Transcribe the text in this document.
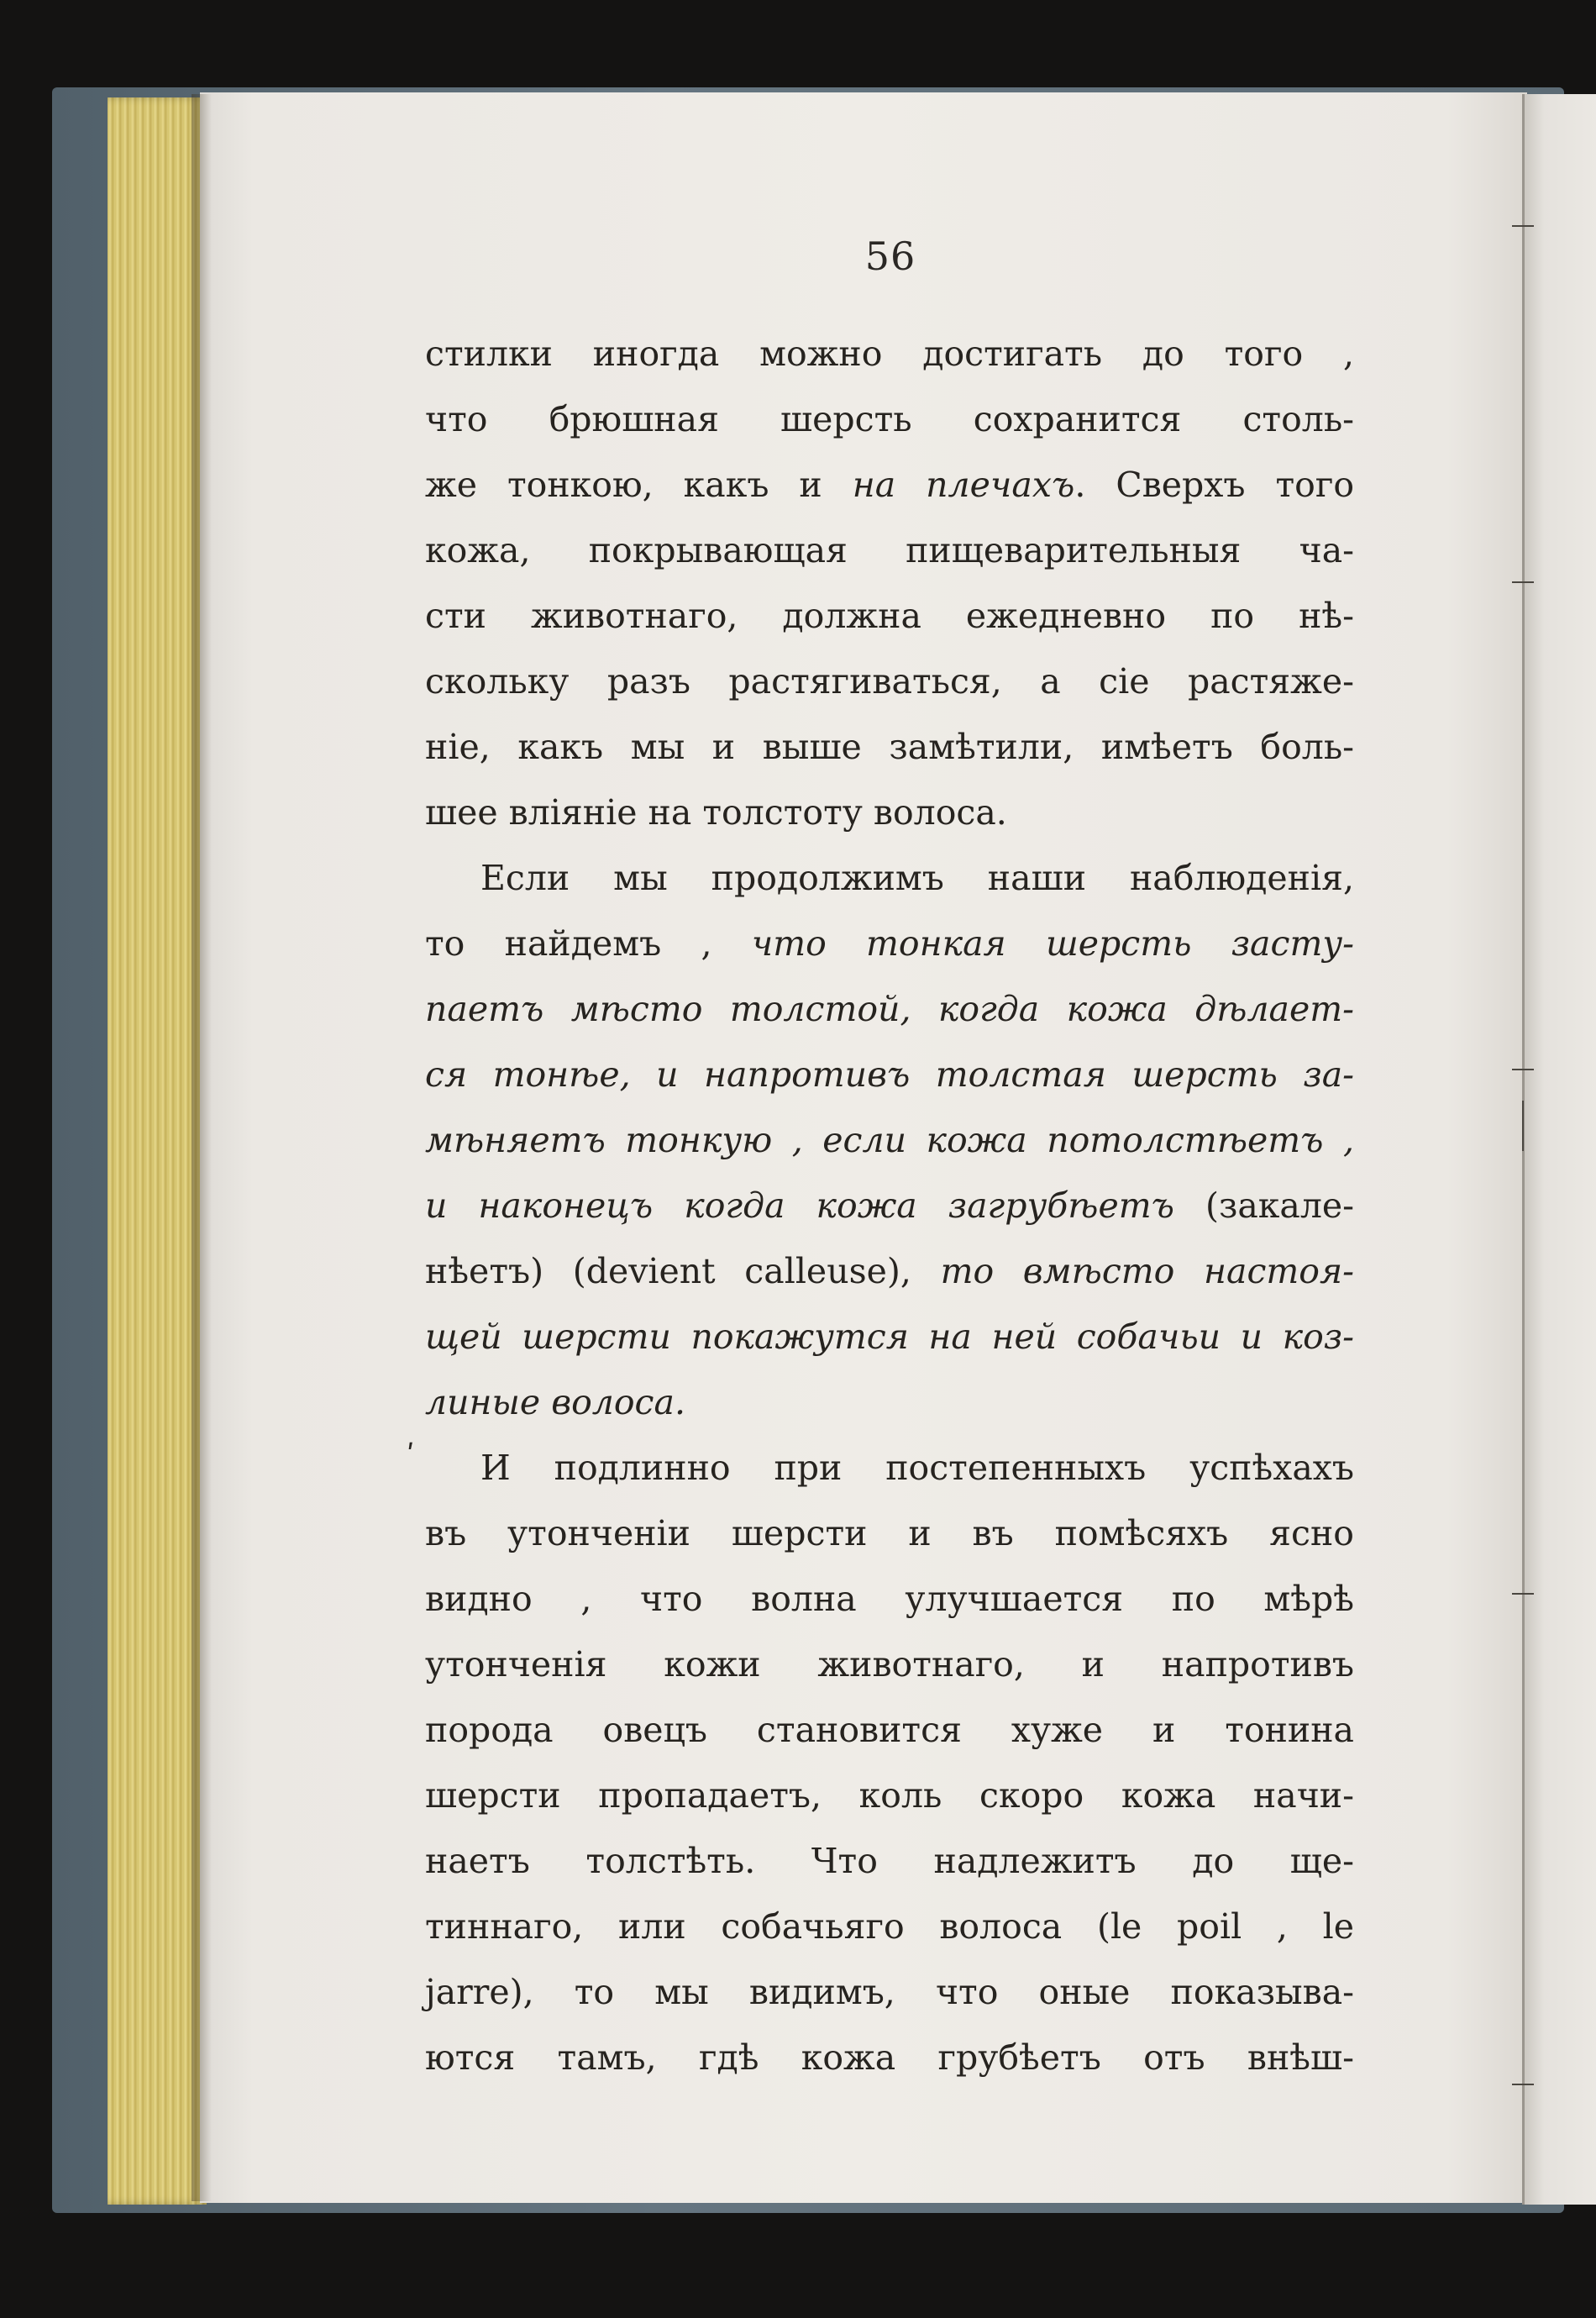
56
стилки иногда можно достигать до того ,
что брюшная шерсть сохранится столь-
же тонкою, какъ и на плечахъ. Сверхъ того
кожа, покрывающая пищеварительныя ча-
сти животнаго, должна ежедневно по нѣ-
скольку разъ растягиваться, а сіе растяже-
ніе, какъ мы и выше замѣтили, имѣетъ боль-
шее вліяніе на толстоту волоса.
Если мы продолжимъ наши наблюденія,
то найдемъ , что тонкая шерсть засту-
паетъ мѣсто толстой, когда кожа дѣлает-
ся тонѣе, и напротивъ толстая шерсть за-
мѣняетъ тонкую , если кожа потолстѣетъ ,
и наконецъ когда кожа загрубѣетъ (закале-
нѣетъ) (devient calleuse), то вмѣсто настоя-
щей шерсти покажутся на ней собачьи и коз-
линые волоса.
ʹ И подлинно при постепенныхъ успѣхахъ
въ утонченіи шерсти и въ помѣсяхъ ясно
видно , что волна улучшается по мѣрѣ
утонченія кожи животнаго, и напротивъ
порода овецъ становится хуже и тонина
шерсти пропадаетъ, коль скоро кожа начи-
наетъ толстѣть. Что надлежитъ до ще-
тиннаго, или собачьяго волоса (le poil , le
jarre), то мы видимъ, что оные показыва-
ются тамъ, гдѣ кожа грубѣетъ отъ внѣш-
